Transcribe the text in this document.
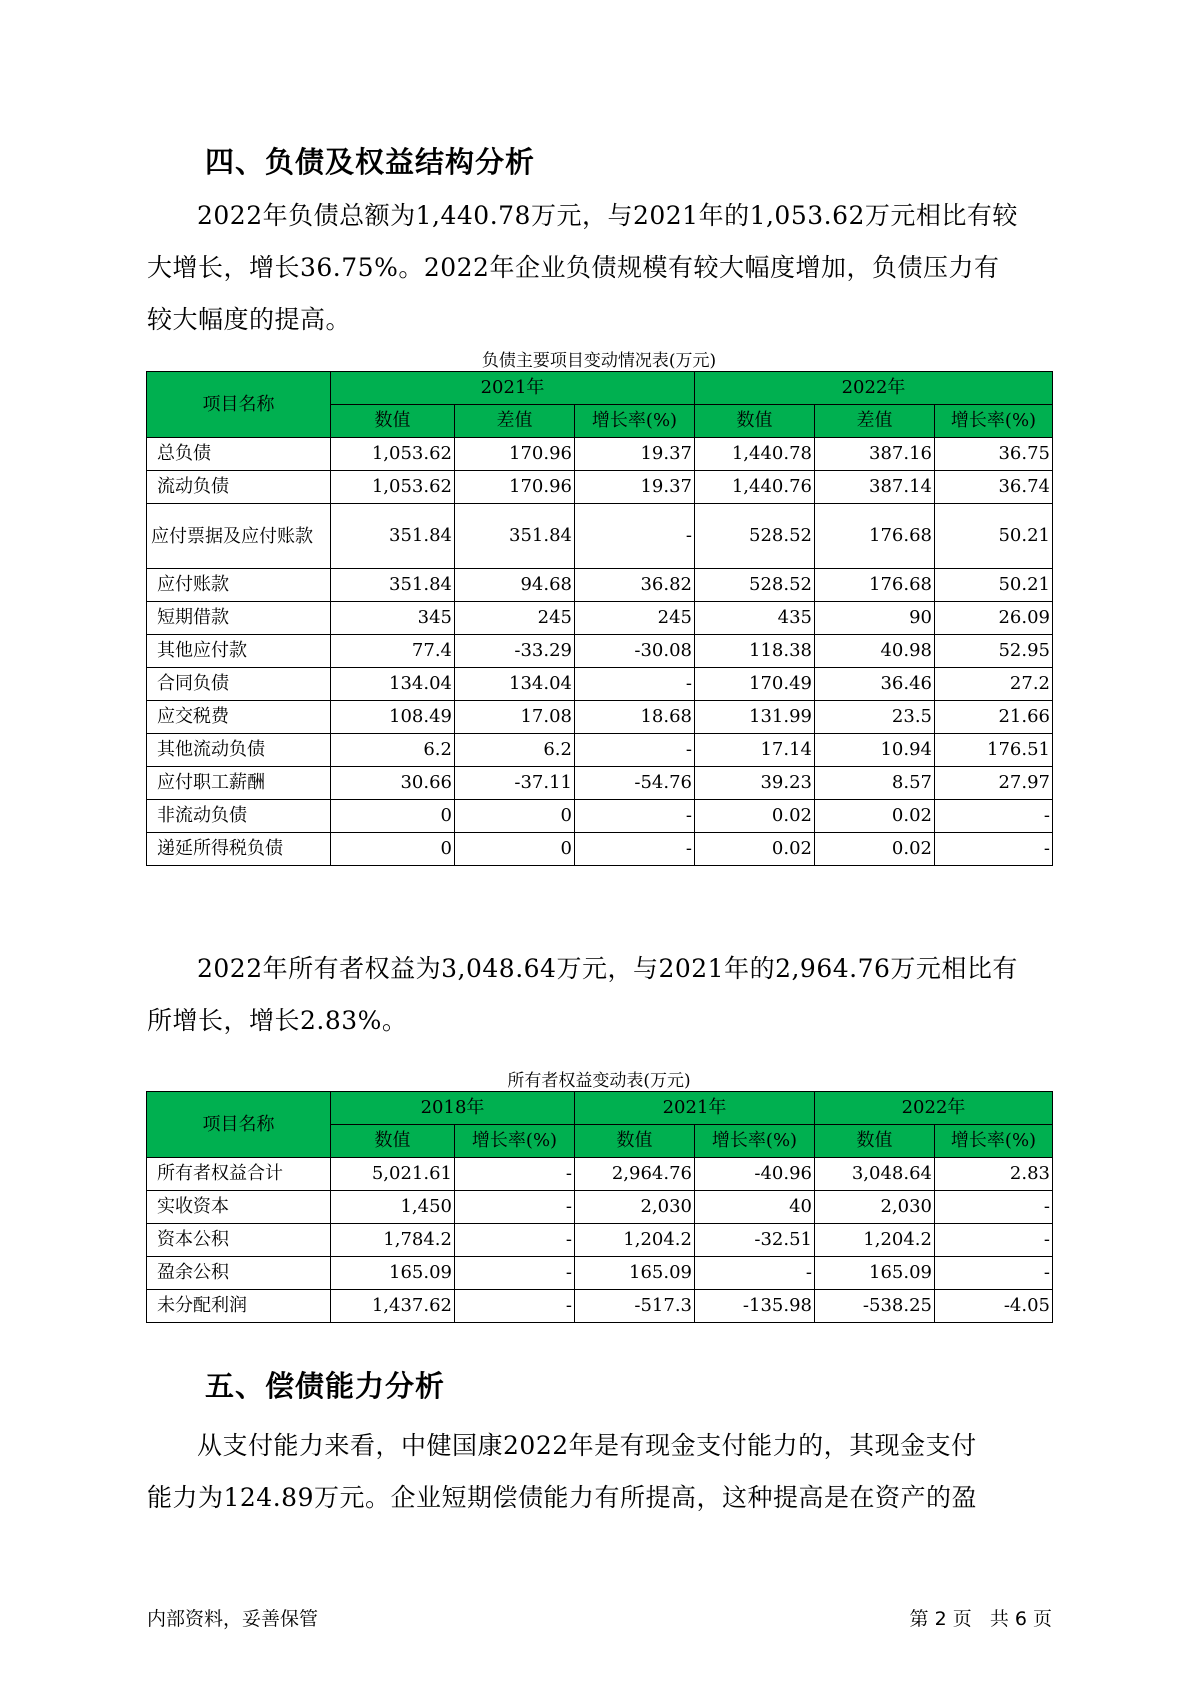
四、负债及权益结构分析
2022年负债总额为1,440.78万元，与2021年的1,053.62万元相比有较
大增长，增长36.75%。2022年企业负债规模有较大幅度增加，负债压力有
较大幅度的提高。
负债主要项目变动情况表(万元)
项目名称	2021年			2022年		
	数值	差值	增长率(%)	数值	差值	增长率(%)
总负债	1,053.62	170.96	19.37	1,440.78	387.16	36.75
流动负债	1,053.62	170.96	19.37	1,440.76	387.14	36.74
应付票据及应付账款	351.84	351.84	-	528.52	176.68	50.21
应付账款	351.84	94.68	36.82	528.52	176.68	50.21
短期借款	345	245	245	435	90	26.09
其他应付款	77.4	-33.29	-30.08	118.38	40.98	52.95
合同负债	134.04	134.04	-	170.49	36.46	27.2
应交税费	108.49	17.08	18.68	131.99	23.5	21.66
其他流动负债	6.2	6.2	-	17.14	10.94	176.51
应付职工薪酬	30.66	-37.11	-54.76	39.23	8.57	27.97
非流动负债	0	0	-	0.02	0.02	-
递延所得税负债	0	0	-	0.02	0.02	-
2022年所有者权益为3,048.64万元，与2021年的2,964.76万元相比有
所增长，增长2.83%。
所有者权益变动表(万元)
项目名称	2018年		2021年		2022年	
	数值	增长率(%)	数值	增长率(%)	数值	增长率(%)
所有者权益合计	5,021.61	-	2,964.76	-40.96	3,048.64	2.83
实收资本	1,450	-	2,030	40	2,030	-
资本公积	1,784.2	-	1,204.2	-32.51	1,204.2	-
盈余公积	165.09	-	165.09	-	165.09	-
未分配利润	1,437.62	-	-517.3	-135.98	-538.25	-4.05
五、偿债能力分析
从支付能力来看，中健国康2022年是有现金支付能力的，其现金支付
能力为124.89万元。企业短期偿债能力有所提高，这种提高是在资产的盈
内部资料，妥善保管	第 2 页   共 6 页
